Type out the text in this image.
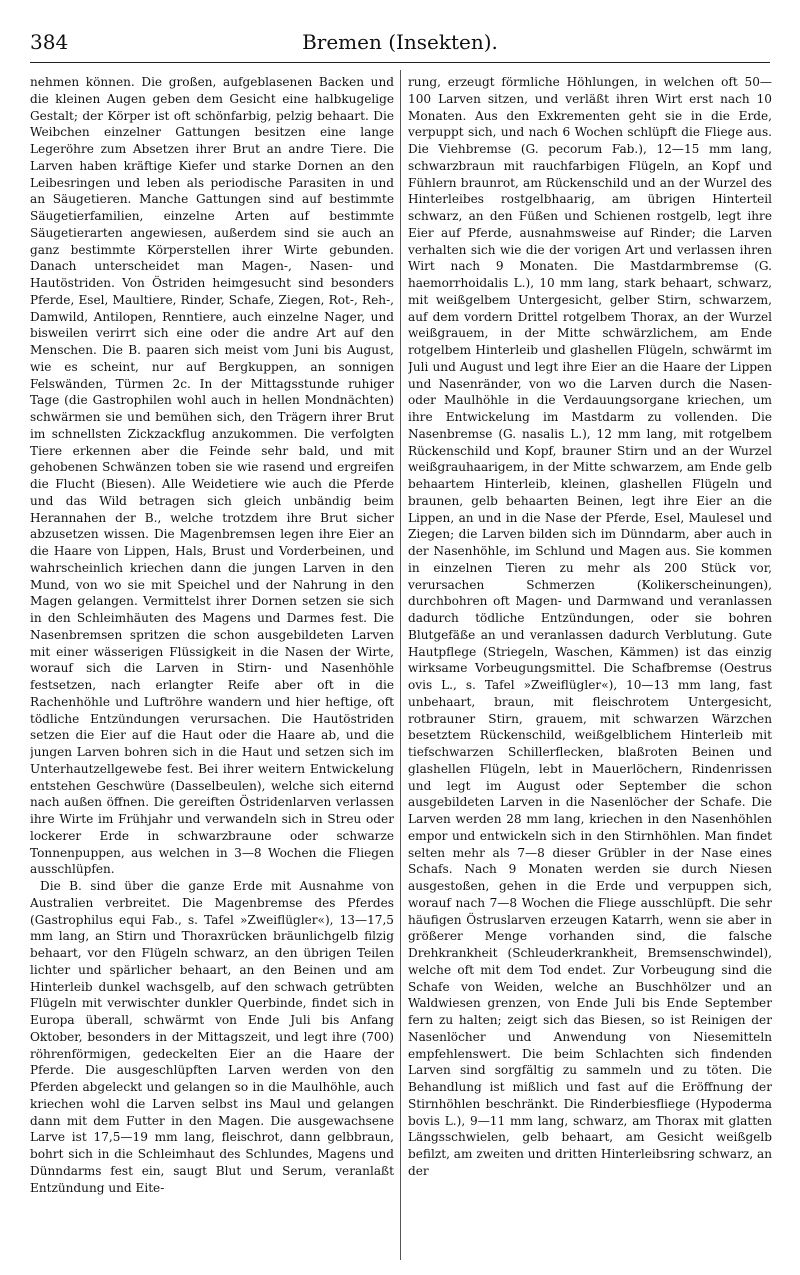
384	Bremen (Insekten).

nehmen können. Die großen, aufgeblasenen Backen und die kleinen Augen geben dem Gesicht eine halbkugelige Gestalt; der Körper ist oft schönfarbig, pelzig behaart. Die Weibchen einzelner Gattungen besitzen eine lange Legeröhre zum Absetzen ihrer Brut an andre Tiere. Die Larven haben kräftige Kiefer und starke Dornen an den Leibesringen und leben als periodische Parasiten in und an Säugetieren. Manche Gattungen sind auf bestimmte Säugetierfamilien, einzelne Arten auf bestimmte Säugetierarten angewiesen, außerdem sind sie auch an ganz bestimmte Körperstellen ihrer Wirte gebunden. Danach unterscheidet man Magen-, Nasen- und Hautöstriden. Von Östriden heimgesucht sind besonders Pferde, Esel, Maultiere, Rinder, Schafe, Ziegen, Rot-, Reh-, Damwild, Antilopen, Renntiere, auch einzelne Nager, und bisweilen verirrt sich eine oder die andre Art auf den Menschen. Die B. paaren sich meist vom Juni bis August, wie es scheint, nur auf Bergkuppen, an sonnigen Felswänden, Türmen 2c. In der Mittagsstunde ruhiger Tage (die Gastrophilen wohl auch in hellen Mondnächten) schwärmen sie und bemühen sich, den Trägern ihrer Brut im schnellsten Zickzackflug anzukommen. Die verfolgten Tiere erkennen aber die Feinde sehr bald, und mit gehobenen Schwänzen toben sie wie rasend und ergreifen die Flucht (Biesen). Alle Weidetiere wie auch die Pferde und das Wild betragen sich gleich unbändig beim Herannahen der B., welche trotzdem ihre Brut sicher abzusetzen wissen. Die Magenbremsen legen ihre Eier an die Haare von Lippen, Hals, Brust und Vorderbeinen, und wahrscheinlich kriechen dann die jungen Larven in den Mund, von wo sie mit Speichel und der Nahrung in den Magen gelangen. Vermittelst ihrer Dornen setzen sie sich in den Schleimhäuten des Magens und Darmes fest. Die Nasenbremsen spritzen die schon ausgebildeten Larven mit einer wässerigen Flüssigkeit in die Nasen der Wirte, worauf sich die Larven in Stirn- und Nasenhöhle festsetzen, nach erlangter Reife aber oft in die Rachenhöhle und Luftröhre wandern und hier heftige, oft tödliche Entzündungen verursachen. Die Hautöstriden setzen die Eier auf die Haut oder die Haare ab, und die jungen Larven bohren sich in die Haut und setzen sich im Unterhautzellgewebe fest. Bei ihrer weitern Entwickelung entstehen Geschwüre (Dasselbeulen), welche sich eiternd nach außen öffnen. Die gereiften Östridenlarven verlassen ihre Wirte im Frühjahr und verwandeln sich in Streu oder lockerer Erde in schwarzbraune oder schwarze Tonnenpuppen, aus welchen in 3—8 Wochen die Fliegen ausschlüpfen.

Die B. sind über die ganze Erde mit Ausnahme von Australien verbreitet. Die Magenbremse des Pferdes (Gastrophilus equi Fab., s. Tafel »Zweiflügler«), 13—17,5 mm lang, an Stirn und Thoraxrücken bräunlichgelb filzig behaart, vor den Flügeln schwarz, an den übrigen Teilen lichter und spärlicher behaart, an den Beinen und am Hinterleib dunkel wachsgelb, auf den schwach getrübten Flügeln mit verwischter dunkler Querbinde, findet sich in Europa überall, schwärmt von Ende Juli bis Anfang Oktober, besonders in der Mittagszeit, und legt ihre (700) röhrenförmigen, gedeckelten Eier an die Haare der Pferde. Die ausgeschlüpften Larven werden von den Pferden abgeleckt und gelangen so in die Maulhöhle, auch kriechen wohl die Larven selbst ins Maul und gelangen dann mit dem Futter in den Magen. Die ausgewachsene Larve ist 17,5—19 mm lang, fleischrot, dann gelbbraun, bohrt sich in die Schleimhaut des Schlundes, Magens und Dünndarms fest ein, saugt Blut und Serum, veranlaßt Entzündung und Eite-

rung, erzeugt förmliche Höhlungen, in welchen oft 50—100 Larven sitzen, und verläßt ihren Wirt erst nach 10 Monaten. Aus den Exkrementen geht sie in die Erde, verpuppt sich, und nach 6 Wochen schlüpft die Fliege aus. Die Viehbremse (G. pecorum Fab.), 12—15 mm lang, schwarzbraun mit rauchfarbigen Flügeln, an Kopf und Fühlern braunrot, am Rückenschild und an der Wurzel des Hinterleibes rostgelbhaarig, am übrigen Hinterteil schwarz, an den Füßen und Schienen rostgelb, legt ihre Eier auf Pferde, ausnahmsweise auf Rinder; die Larven verhalten sich wie die der vorigen Art und verlassen ihren Wirt nach 9 Monaten. Die Mastdarmbremse (G. haemorrhoidalis L.), 10 mm lang, stark behaart, schwarz, mit weißgelbem Untergesicht, gelber Stirn, schwarzem, auf dem vordern Drittel rotgelbem Thorax, an der Wurzel weißgrauem, in der Mitte schwärzlichem, am Ende rotgelbem Hinterleib und glashellen Flügeln, schwärmt im Juli und August und legt ihre Eier an die Haare der Lippen und Nasenränder, von wo die Larven durch die Nasen- oder Maulhöhle in die Verdauungsorgane kriechen, um ihre Entwickelung im Mastdarm zu vollenden. Die Nasenbremse (G. nasalis L.), 12 mm lang, mit rotgelbem Rückenschild und Kopf, brauner Stirn und an der Wurzel weißgrauhaarigem, in der Mitte schwarzem, am Ende gelb behaartem Hinterleib, kleinen, glashellen Flügeln und braunen, gelb behaarten Beinen, legt ihre Eier an die Lippen, an und in die Nase der Pferde, Esel, Maulesel und Ziegen; die Larven bilden sich im Dünndarm, aber auch in der Nasenhöhle, im Schlund und Magen aus. Sie kommen in einzelnen Tieren zu mehr als 200 Stück vor, verursachen Schmerzen (Kolikerscheinungen), durchbohren oft Magen- und Darmwand und veranlassen dadurch tödliche Entzündungen, oder sie bohren Blutgefäße an und veranlassen dadurch Verblutung. Gute Hautpflege (Striegeln, Waschen, Kämmen) ist das einzig wirksame Vorbeugungsmittel. Die Schafbremse (Oestrus ovis L., s. Tafel »Zweiflügler«), 10—13 mm lang, fast unbehaart, braun, mit fleischrotem Untergesicht, rotbrauner Stirn, grauem, mit schwarzen Wärzchen besetztem Rückenschild, weißgelblichem Hinterleib mit tiefschwarzen Schillerflecken, blaßroten Beinen und glashellen Flügeln, lebt in Mauerlöchern, Rindenrissen und legt im August oder September die schon ausgebildeten Larven in die Nasenlöcher der Schafe. Die Larven werden 28 mm lang, kriechen in den Nasenhöhlen empor und entwickeln sich in den Stirnhöhlen. Man findet selten mehr als 7—8 dieser Grübler in der Nase eines Schafs. Nach 9 Monaten werden sie durch Niesen ausgestoßen, gehen in die Erde und verpuppen sich, worauf nach 7—8 Wochen die Fliege ausschlüpft. Die sehr häufigen Östruslarven erzeugen Katarrh, wenn sie aber in größerer Menge vorhanden sind, die falsche Drehkrankheit (Schleuderkrankheit, Bremsenschwindel), welche oft mit dem Tod endet. Zur Vorbeugung sind die Schafe von Weiden, welche an Buschhölzer und an Waldwiesen grenzen, von Ende Juli bis Ende September fern zu halten; zeigt sich das Biesen, so ist Reinigen der Nasenlöcher und Anwendung von Niesemitteln empfehlenswert. Die beim Schlachten sich findenden Larven sind sorgfältig zu sammeln und zu töten. Die Behandlung ist mißlich und fast auf die Eröffnung der Stirnhöhlen beschränkt. Die Rinderbiesfliege (Hypoderma bovis L.), 9—11 mm lang, schwarz, am Thorax mit glatten Längsschwielen, gelb behaart, am Gesicht weißgelb befilzt, am zweiten und dritten Hinterleibsring schwarz, an der
